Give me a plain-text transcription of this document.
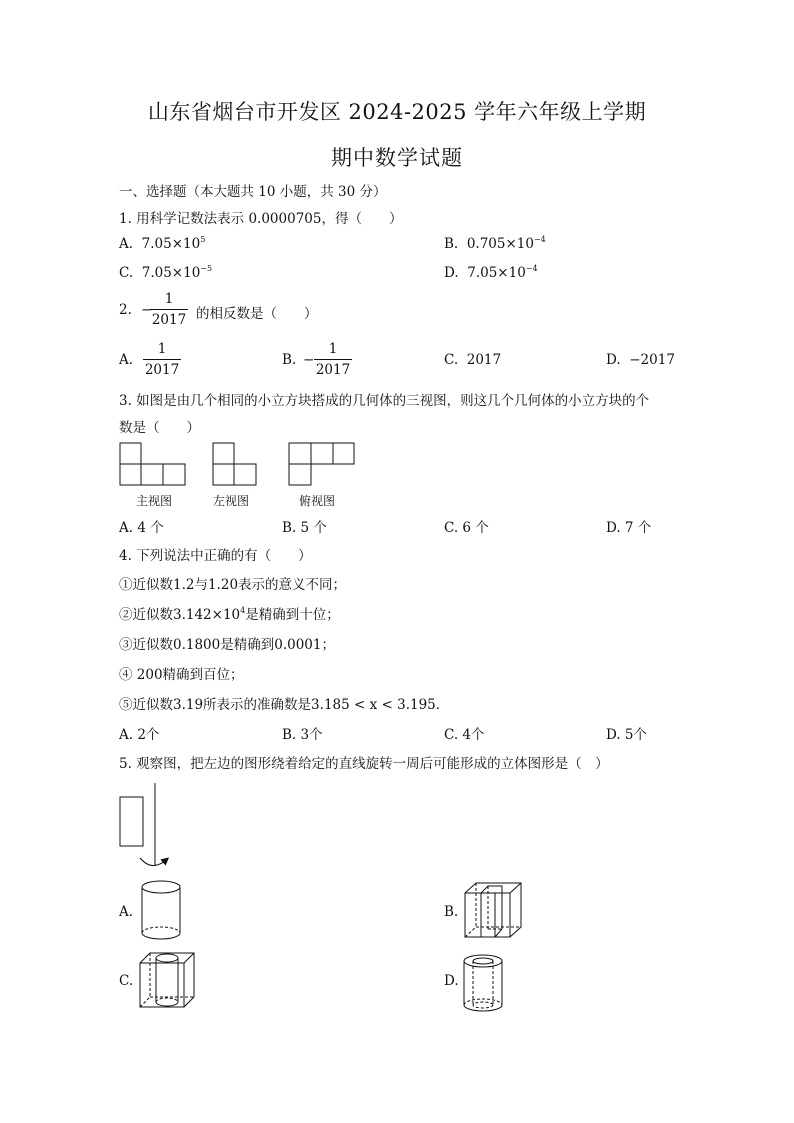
山东省烟台市开发区 2024-2025 学年六年级上学期
期中数学试题
一、选择题（本大题共 10 小题，共 30 分）
1. 用科学记数法表示 0.0000705，得（　　）
A. $7.05\times 10^5$	B. $0.705\times 10^{-4}$
C. $7.05\times 10^{-5}$	D. $7.05\times 10^{-4}$
2. −
1
2017 的相反数是（　　）
A.
1
2017
B. −
1
2017
C. 2017	D. −2017
3. 如图是由几个相同的小立方块搭成的几何体的三视图，则这几个几何体的小立方块的个
数是（　　）
主视图	左视图	俯视图
A. 4 个	B. 5 个	C. 6 个	D. 7 个
4. 下列说法中正确的有（　　）
①近似数1.2与1.20表示的意义不同；
②近似数$3.142\times 10^4$是精确到十位；
③近似数0.1800是精确到0.0001；
④ 200精确到百位；
⑤近似数3.19所表示的准确数是3.185 < x < 3.195．
A. 2个	B. 3个	C. 4个	D. 5个
5. 观察图，把左边的图形绕着给定的直线旋转一周后可能形成的立体图形是（　）
A.	B.
C.	D.
